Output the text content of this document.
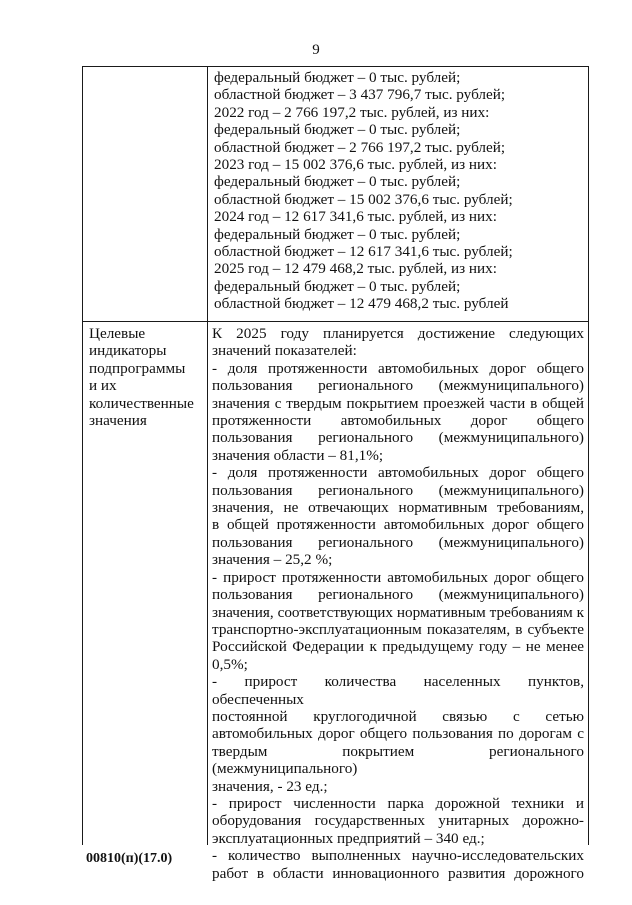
9
федеральный бюджет – 0 тыс. рублей;
областной бюджет – 3 437 796,7 тыс. рублей;
2022 год – 2 766 197,2 тыс. рублей, из них:
федеральный бюджет – 0 тыс. рублей;
областной бюджет – 2 766 197,2 тыс. рублей;
2023 год – 15 002 376,6 тыс. рублей, из них:
федеральный бюджет – 0 тыс. рублей;
областной бюджет – 15 002 376,6 тыс. рублей;
2024 год – 12 617 341,6 тыс. рублей, из них:
федеральный бюджет – 0 тыс. рублей;
областной бюджет – 12 617 341,6 тыс. рублей;
2025 год – 12 479 468,2 тыс. рублей, из них:
федеральный бюджет – 0 тыс. рублей;
областной бюджет – 12 479 468,2 тыс. рублей
Целевые
индикаторы
подпрограммы
и их
количественные
значения
К 2025 году планируется достижение следующих
значений показателей:
- доля протяженности автомобильных дорог общего
пользования регионального (межмуниципального)
значения с твердым покрытием проезжей части в общей
протяженности автомобильных дорог общего
пользования регионального (межмуниципального)
значения области – 81,1%;
- доля протяженности автомобильных дорог общего
пользования регионального (межмуниципального)
значения, не отвечающих нормативным требованиям,
в общей протяженности автомобильных дорог общего
пользования регионального (межмуниципального)
значения – 25,2 %;
- прирост протяженности автомобильных дорог общего
пользования регионального (межмуниципального)
значения, соответствующих нормативным требованиям к
транспортно-эксплуатационным показателям, в субъекте
Российской Федерации к предыдущему году – не менее
0,5%;
- прирост количества населенных пунктов, обеспеченных
постоянной круглогодичной связью с сетью
автомобильных дорог общего пользования по дорогам с
твердым покрытием регионального (межмуниципального)
значения, - 23 ед.;
- прирост численности парка дорожной техники и
оборудования государственных унитарных дорожно-
эксплуатационных предприятий – 340 ед.;
- количество выполненных научно-исследовательских
работ в области инновационного развития дорожного
00810(п)(17.0)
